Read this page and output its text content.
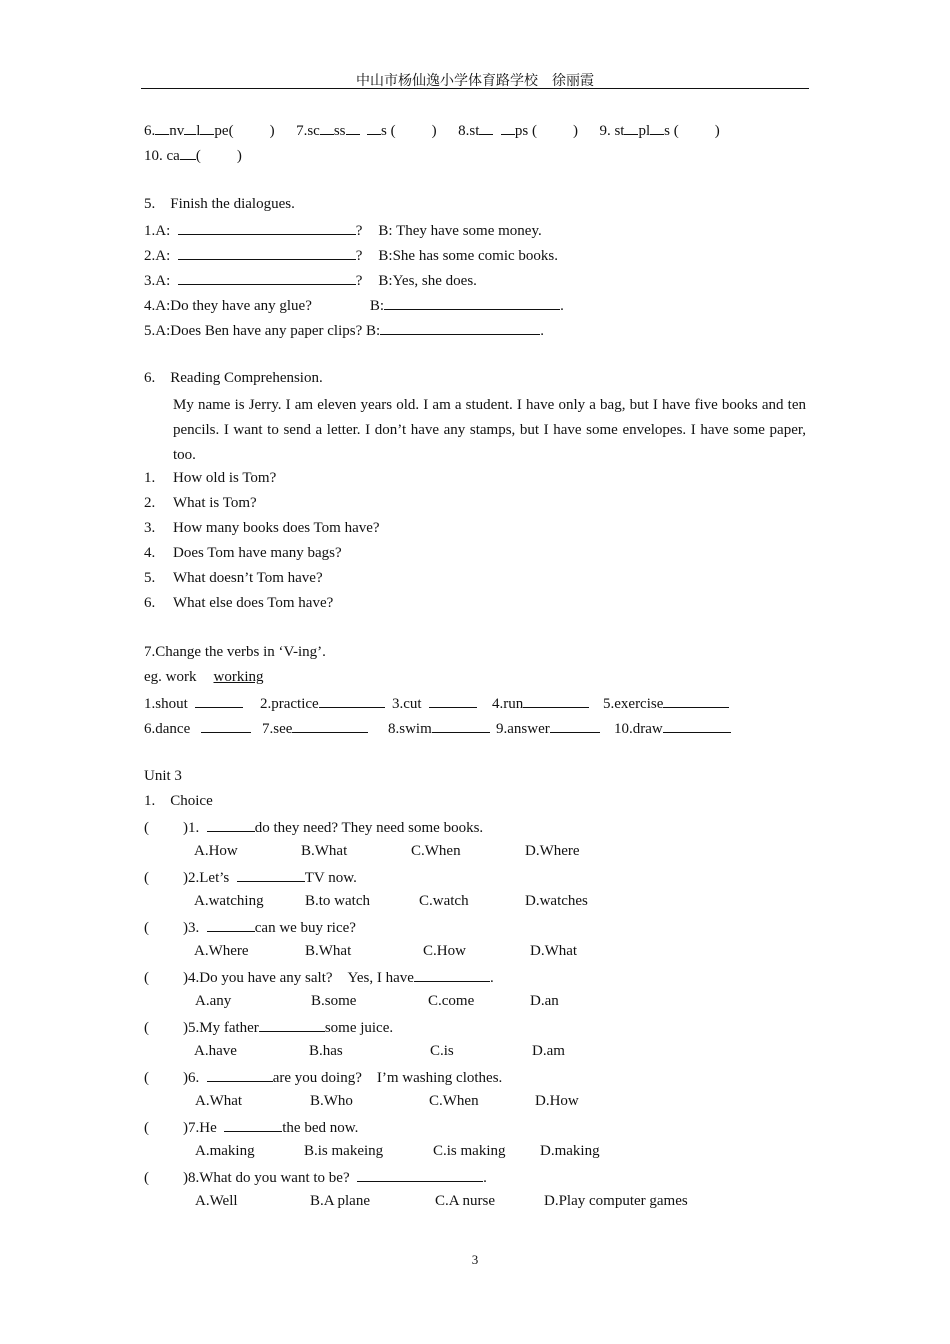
中山市杨仙逸小学体育路学校　徐丽霞
6. nv l pe( ) 7.sc ss s ( ) 8.st ps ( ) 9. st pl s ( )
10. ca ( )
5.    Finish the dialogues.
1.A:	? B: They have some money.
2.A:	? B:She has some comic books.
3.A:	? B:Yes, she does.
4.A:Do they have any glue?	B:	.
5.A:Does Ben have any paper clips? B:	.
6.    Reading Comprehension.
My name is Jerry. I am eleven years old. I am a student. I have only a bag, but I have five books and ten pencils. I want to send a letter. I don’t have any stamps, but I have some envelopes. I have some paper, too.
1. How old is Tom?
2. What is Tom?
3. How many books does Tom have?
4. Does Tom have many bags?
5. What doesn’t Tom have?
6. What else does Tom have?
7.Change the verbs in ‘V-ing’.
eg. work working
1.shout	2.practice	3.cut	4.run	5.exercise
6.dance	7.see	8.swim	9.answer	10.draw
Unit 3
1.    Choice
( )1.	do they need? They need some books.
A.How	B.What	C.When	D.Where
( )2.Let’s	TV now.
A.watching	B.to watch	C.watch	D.watches
( )3.	can we buy rice?
A.Where	B.What	C.How	D.What
( )4.Do you have any salt?    Yes, I have	.
A.any	B.some	C.come	D.an
( )5.My father	some juice.
A.have	B.has	C.is	D.am
( )6.	are you doing?    I’m washing clothes.
A.What	B.Who	C.When	D.How
( )7.He	the bed now.
A.making	B.is makeing	C.is making D.making
( )8.What do you want to be?	.
A.Well	B.A plane	C.A nurse	D.Play computer games
3
